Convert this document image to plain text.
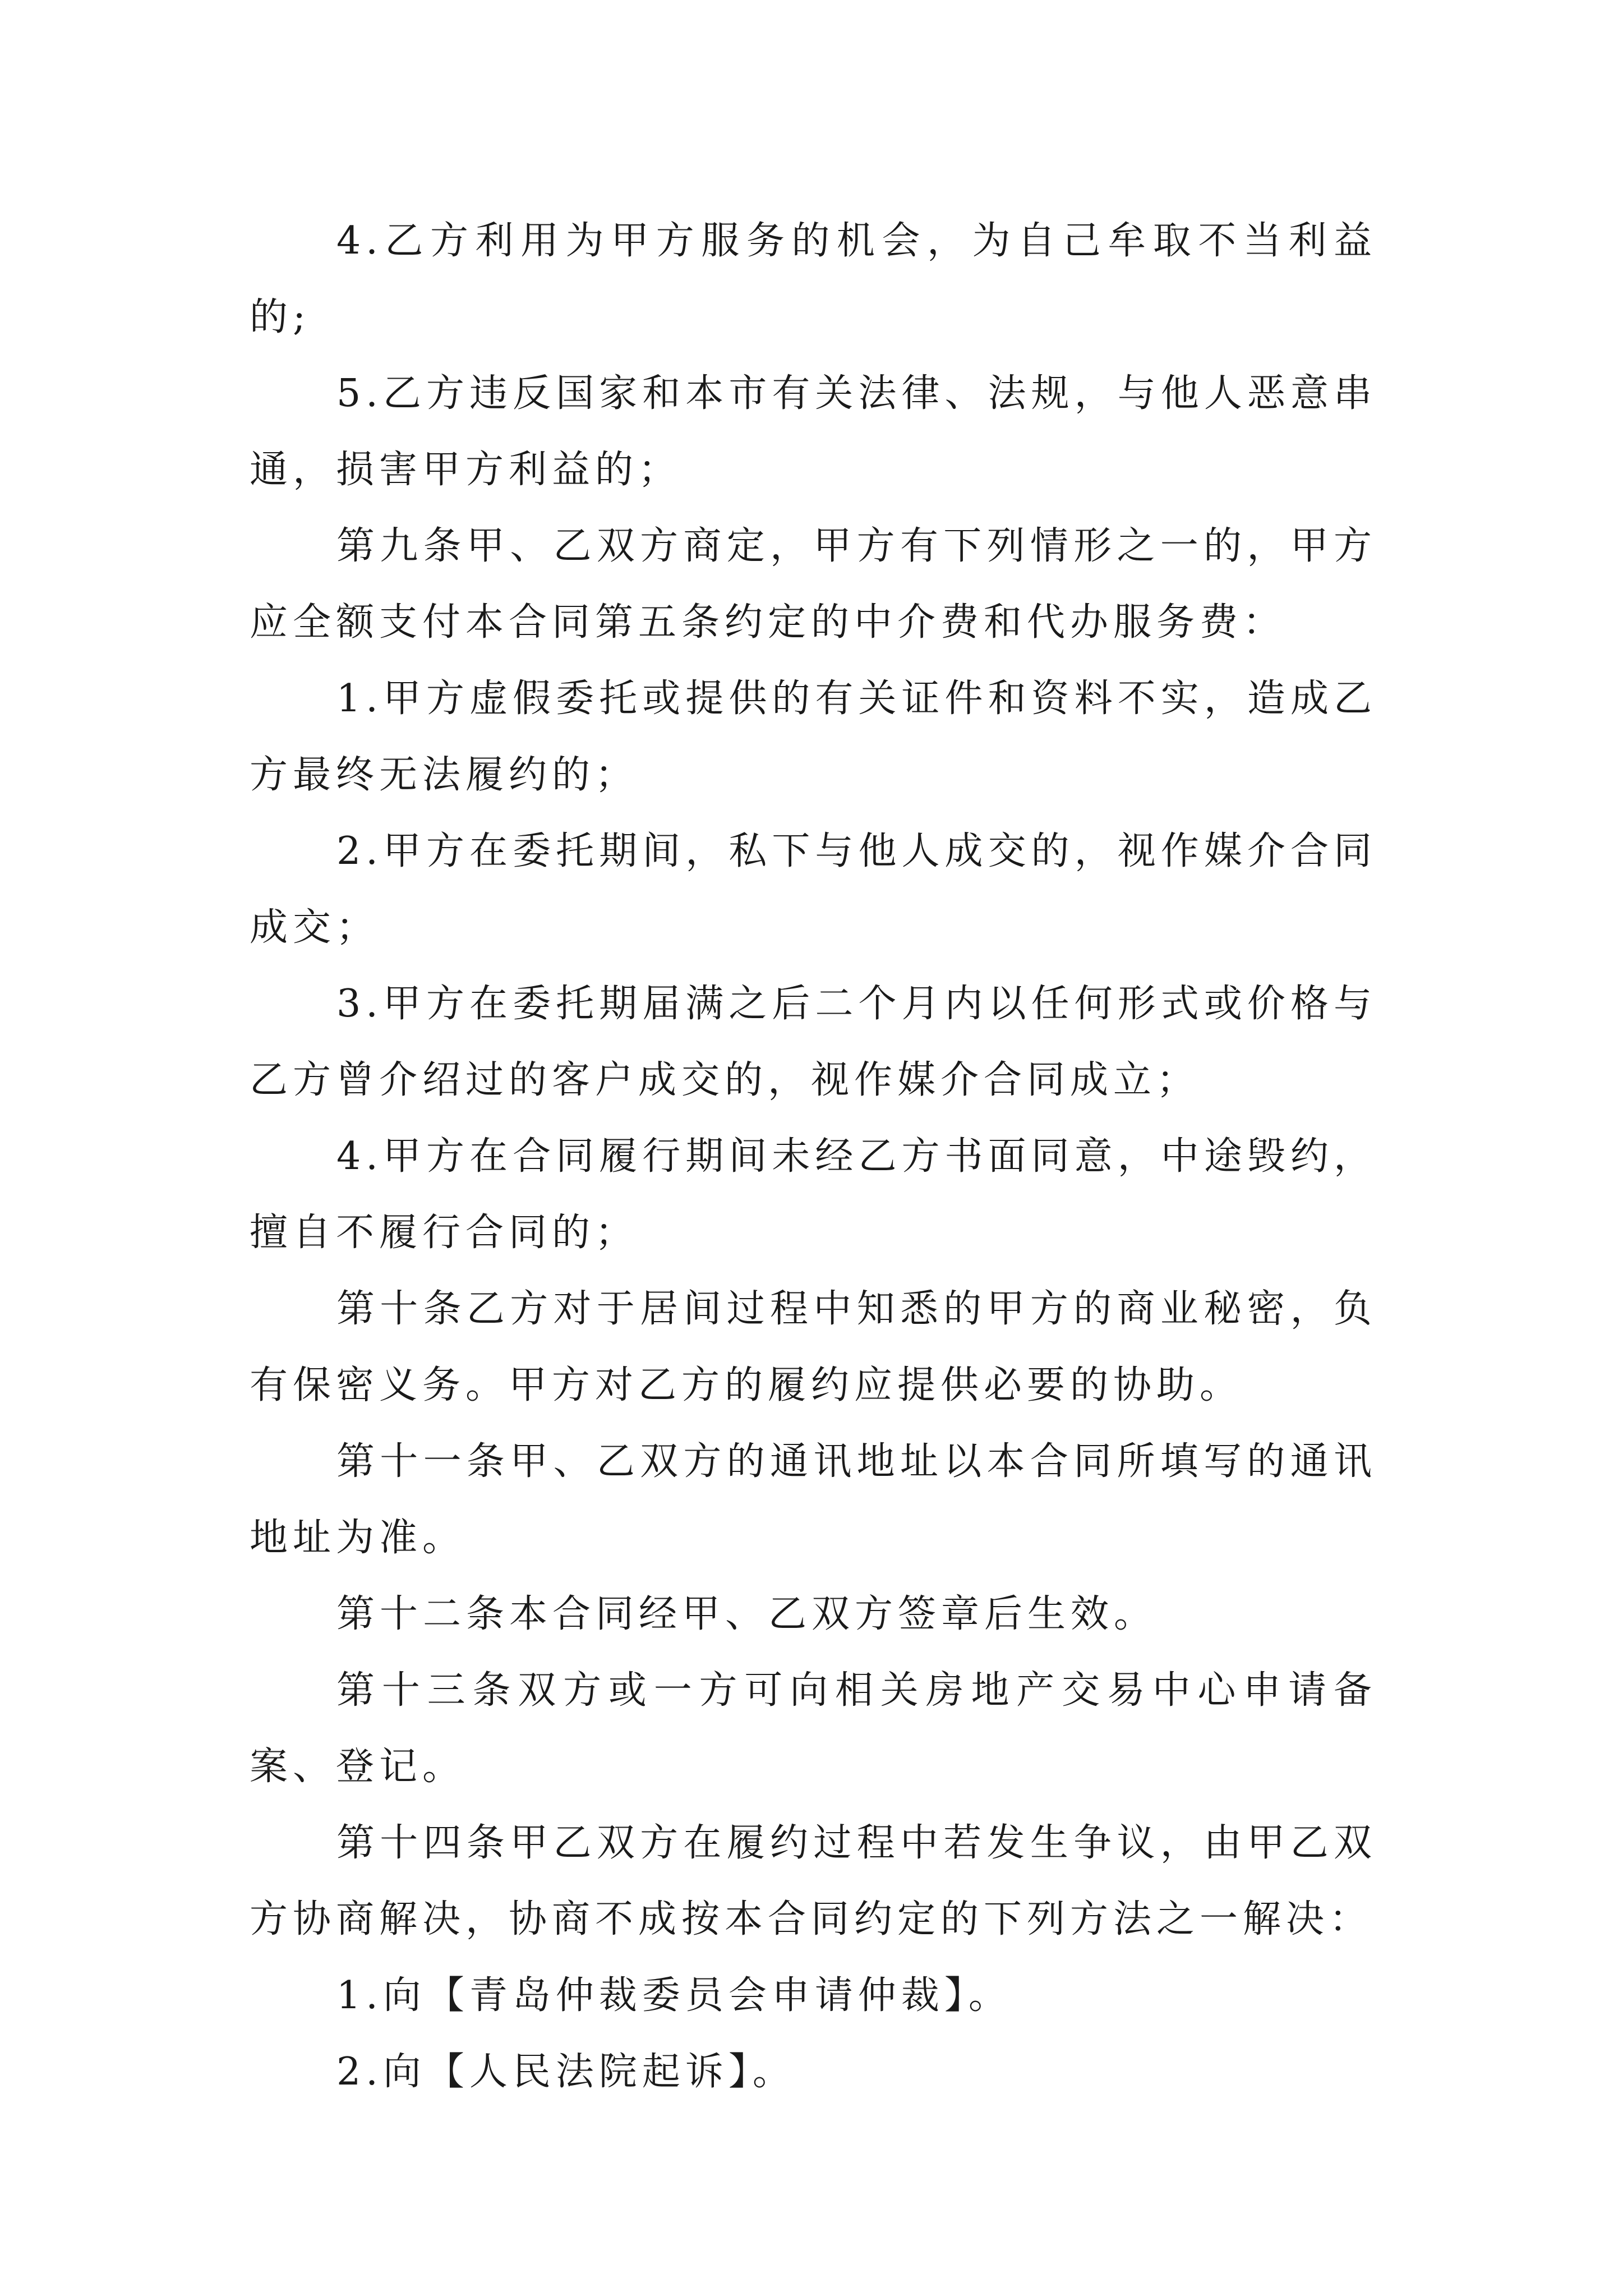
4.乙方利用为甲方服务的机会，为自己牟取不当利益的;

5.乙方违反国家和本市有关法律、法规，与他人恶意串通，损害甲方利益的；

第九条甲、乙双方商定，甲方有下列情形之一的，甲方应全额支付本合同第五条约定的中介费和代办服务费：

1.甲方虚假委托或提供的有关证件和资料不实，造成乙方最终无法履约的；

2.甲方在委托期间，私下与他人成交的，视作媒介合同成交；

3.甲方在委托期届满之后二个月内以任何形式或价格与乙方曾介绍过的客户成交的，视作媒介合同成立；

4.甲方在合同履行期间未经乙方书面同意，中途毁约，擅自不履行合同的；

第十条乙方对于居间过程中知悉的甲方的商业秘密，负有保密义务。甲方对乙方的履约应提供必要的协助。

第十一条甲、乙双方的通讯地址以本合同所填写的通讯地址为准。

第十二条本合同经甲、乙双方签章后生效。

第十三条双方或一方可向相关房地产交易中心申请备案、登记。

第十四条甲乙双方在履约过程中若发生争议，由甲乙双方协商解决，协商不成按本合同约定的下列方法之一解决：

1.向【青岛仲裁委员会申请仲裁】。

2.向【人民法院起诉】。
